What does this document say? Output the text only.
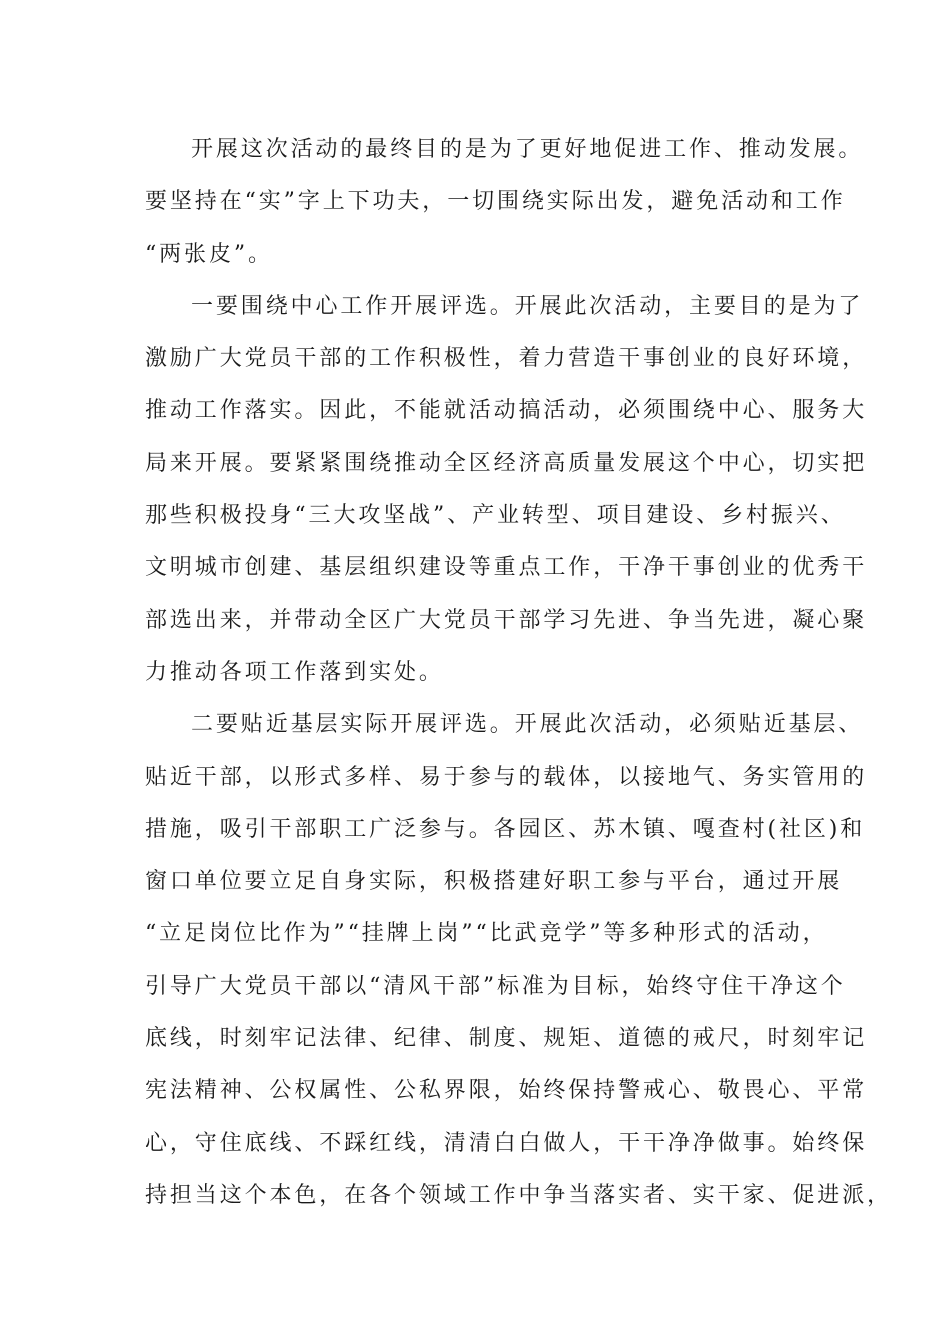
开展这次活动的最终目的是为了更好地促进工作、推动发展。
要坚持在“实”字上下功夫，一切围绕实际出发，避免活动和工作
“两张皮”。
一要围绕中心工作开展评选。开展此次活动，主要目的是为了
激励广大党员干部的工作积极性，着力营造干事创业的良好环境，
推动工作落实。因此，不能就活动搞活动，必须围绕中心、服务大
局来开展。要紧紧围绕推动全区经济高质量发展这个中心，切实把
那些积极投身“三大攻坚战”、产业转型、项目建设、乡村振兴、
文明城市创建、基层组织建设等重点工作，干净干事创业的优秀干
部选出来，并带动全区广大党员干部学习先进、争当先进，凝心聚
力推动各项工作落到实处。
二要贴近基层实际开展评选。开展此次活动，必须贴近基层、
贴近干部，以形式多样、易于参与的载体，以接地气、务实管用的
措施，吸引干部职工广泛参与。各园区、苏木镇、嘎查村(社区)和
窗口单位要立足自身实际，积极搭建好职工参与平台，通过开展
“立足岗位比作为”“挂牌上岗”“比武竞学”等多种形式的活动，
引导广大党员干部以“清风干部”标准为目标，始终守住干净这个
底线，时刻牢记法律、纪律、制度、规矩、道德的戒尺，时刻牢记
宪法精神、公权属性、公私界限，始终保持警戒心、敬畏心、平常
心，守住底线、不踩红线，清清白白做人，干干净净做事。始终保
持担当这个本色，在各个领域工作中争当落实者、实干家、促进派，
